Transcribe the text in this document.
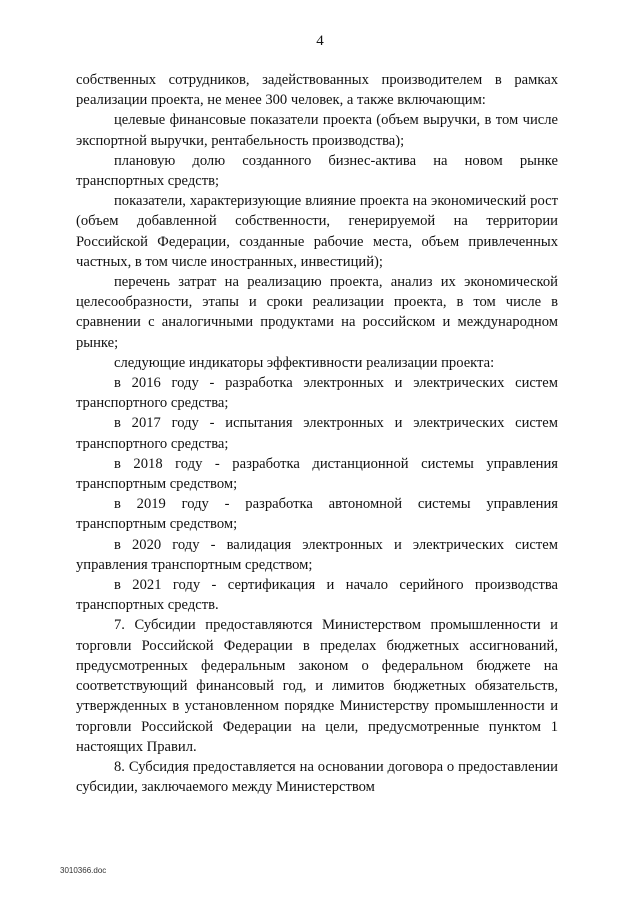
4

собственных сотрудников, задействованных производителем в рамках реализации проекта, не менее 300 человек, а также включающим:

целевые финансовые показатели проекта (объем выручки, в том числе экспортной выручки, рентабельность производства);

плановую долю созданного бизнес-актива на новом рынке транспортных средств;

показатели, характеризующие влияние проекта на экономический рост (объем добавленной собственности, генерируемой на территории Российской Федерации, созданные рабочие места, объем привлеченных частных, в том числе иностранных, инвестиций);

перечень затрат на реализацию проекта, анализ их экономической целесообразности, этапы и сроки реализации проекта, в том числе в сравнении с аналогичными продуктами на российском и международном рынке;

следующие индикаторы эффективности реализации проекта:

в 2016 году - разработка электронных и электрических систем транспортного средства;

в 2017 году - испытания электронных и электрических систем транспортного средства;

в 2018 году - разработка дистанционной системы управления транспортным средством;

в 2019 году - разработка автономной системы управления транспортным средством;

в 2020 году - валидация электронных и электрических систем управления транспортным средством;

в 2021 году - сертификация и начало серийного производства транспортных средств.

7. Субсидии предоставляются Министерством промышленности и торговли Российской Федерации в пределах бюджетных ассигнований, предусмотренных федеральным законом о федеральном бюджете на соответствующий финансовый год, и лимитов бюджетных обязательств, утвержденных в установленном порядке Министерству промышленности и торговли Российской Федерации на цели, предусмотренные пунктом 1 настоящих Правил.

8. Субсидия предоставляется на основании договора о предоставлении субсидии, заключаемого между Министерством

3010366.doc
